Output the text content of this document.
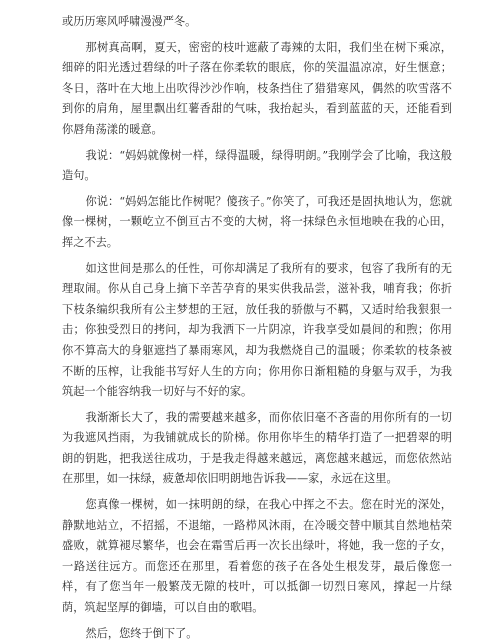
或历历寒风呼啸漫漫严冬。

那树真高啊，夏天，密密的枝叶遮蔽了毒辣的太阳，我们坐在树下乘凉，细碎的阳光透过碧绿的叶子落在你柔软的眼底，你的笑温温凉凉，好生惬意；冬日，落叶在大地上出吹得沙沙作响，枝条挡住了猎猎寒风，偶然的吹雪落不到你的肩角，屋里飘出红薯香甜的气味，我抬起头，看到蓝蓝的天，还能看到你唇角荡漾的暖意。

我说：“妈妈就像树一样，绿得温暖，绿得明朗。”我刚学会了比喻，我这般造句。

你说：“妈妈怎能比作树呢？傻孩子。”你笑了，可我还是固执地认为，您就像一棵树，一颗屹立不倒亘古不变的大树，将一抹绿色永恒地映在我的心田，挥之不去。

如这世间是那么的任性，可你却满足了我所有的要求，包容了我所有的无理取闹。你从自己身上摘下辛苦孕育的果实供我品尝，滋补我，哺育我；你折下枝条编织我所有公主梦想的王冠，放任我的骄傲与不羁，又适时给我狠狠一击；你独受烈日的拷问，却为我洒下一片阴凉，许我享受如晨间的和煦；你用你不算高大的身躯遮挡了暴雨寒风，却为我燃烧自己的温暖；你柔软的枝条被不断的压榨，让我能书写好人生的方向；你用你日渐粗糙的身躯与双手，为我筑起一个能容纳我一切好与不好的家。

我渐渐长大了，我的需要越来越多，而你依旧毫不吝啬的用你所有的一切为我遮风挡雨，为我铺就成长的阶梯。你用你毕生的精华打造了一把碧翠的明朗的钥匙，把我送往成功，于是我走得越来越远，离您越来越远，而您依然站在那里，如一抹绿，疲惫却依旧明朗地告诉我——家，永远在这里。

您真像一棵树，如一抹明朗的绿，在我心中挥之不去。您在时光的深处，静默地站立，不招摇，不退缩，一路栉风沐雨，在冷暖交替中顺其自然地枯荣盛败，就算褪尽繁华，也会在霜雪后再一次长出绿叶，将她，我一您的子女，一路送往远方。而您还在那里，看着您的孩子在各处生根发芽，最后像您一样，有了您当年一般繁茂无隙的枝叶，可以抵御一切烈日寒风，撑起一片绿荫，筑起坚厚的御墙，可以自由的歌唱。

然后，您终于倒下了。
